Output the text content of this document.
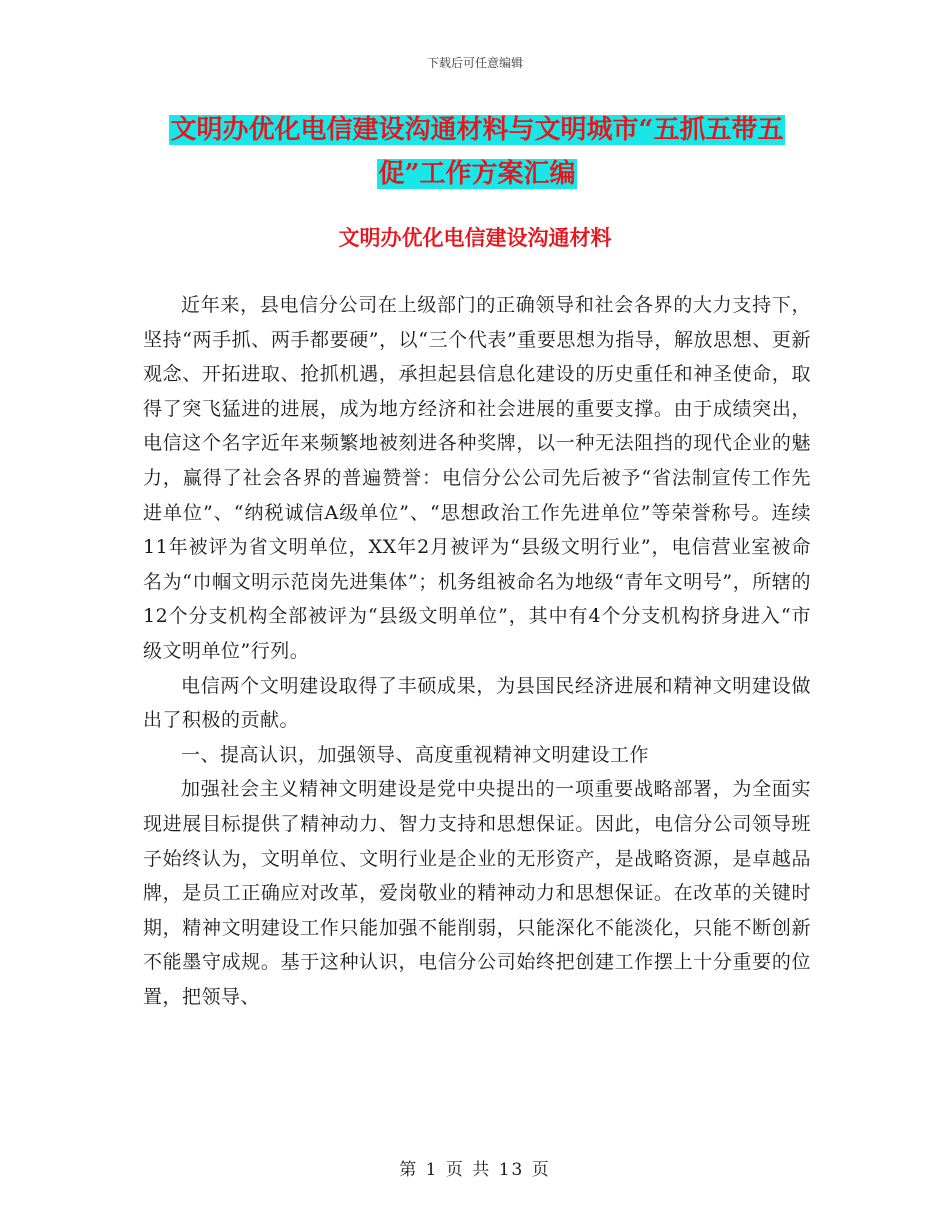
下载后可任意编辑
文明办优化电信建设沟通材料与文明城市“五抓五带五促”工作方案汇编
文明办优化电信建设沟通材料

近年来，县电信分公司在上级部门的正确领导和社会各界的大力支持下，坚持“两手抓、两手都要硬”，以“三个代表”重要思想为指导，解放思想、更新观念、开拓进取、抢抓机遇，承担起县信息化建设的历史重任和神圣使命，取得了突飞猛进的进展，成为地方经济和社会进展的重要支撑。由于成绩突出，电信这个名字近年来频繁地被刻进各种奖牌，以一种无法阻挡的现代企业的魅力，赢得了社会各界的普遍赞誉：电信分公公司先后被予“省法制宣传工作先进单位”、“纳税诚信A级单位”、“思想政治工作先进单位”等荣誉称号。连续11年被评为省文明单位，XX年2月被评为“县级文明行业”，电信营业室被命名为“巾帼文明示范岗先进集体”；机务组被命名为地级“青年文明号”，所辖的12个分支机构全部被评为“县级文明单位”，其中有4个分支机构挤身进入“市级文明单位”行列。

电信两个文明建设取得了丰硕成果，为县国民经济进展和精神文明建设做出了积极的贡献。

一、提高认识，加强领导、高度重视精神文明建设工作

加强社会主义精神文明建设是党中央提出的一项重要战略部署，为全面实现进展目标提供了精神动力、智力支持和思想保证。因此，电信分公司领导班子始终认为，文明单位、文明行业是企业的无形资产，是战略资源，是卓越品牌，是员工正确应对改革，爱岗敬业的精神动力和思想保证。在改革的关键时期，精神文明建设工作只能加强不能削弱，只能深化不能淡化，只能不断创新不能墨守成规。基于这种认识，电信分公司始终把创建工作摆上十分重要的位置，把领导、

第 1 页 共 13 页
